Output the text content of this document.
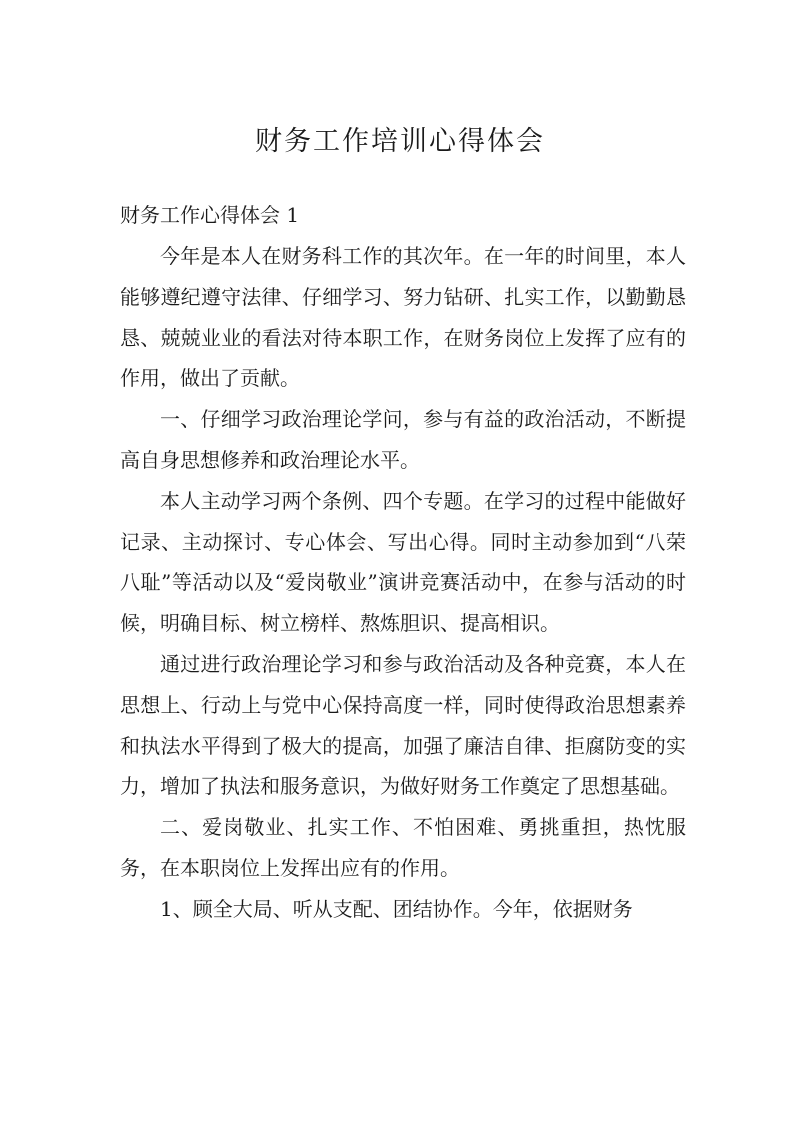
财务工作培训心得体会
财务工作心得体会 1

今年是本人在财务科工作的其次年。在一年的时间里，本人能够遵纪遵守法律、仔细学习、努力钻研、扎实工作，以勤勤恳恳、兢兢业业的看法对待本职工作，在财务岗位上发挥了应有的作用，做出了贡献。

一、仔细学习政治理论学问，参与有益的政治活动，不断提高自身思想修养和政治理论水平。

本人主动学习两个条例、四个专题。在学习的过程中能做好记录、主动探讨、专心体会、写出心得。同时主动参加到“八荣八耻”等活动以及“爱岗敬业”演讲竞赛活动中，在参与活动的时候，明确目标、树立榜样、熬炼胆识、提高相识。

通过进行政治理论学习和参与政治活动及各种竞赛，本人在思想上、行动上与党中心保持高度一样，同时使得政治思想素养和执法水平得到了极大的提高，加强了廉洁自律、拒腐防变的实力，增加了执法和服务意识，为做好财务工作奠定了思想基础。

二、爱岗敬业、扎实工作、不怕困难、勇挑重担，热忱服务，在本职岗位上发挥出应有的作用。

1、顾全大局、听从支配、团结协作。今年，依据财务
